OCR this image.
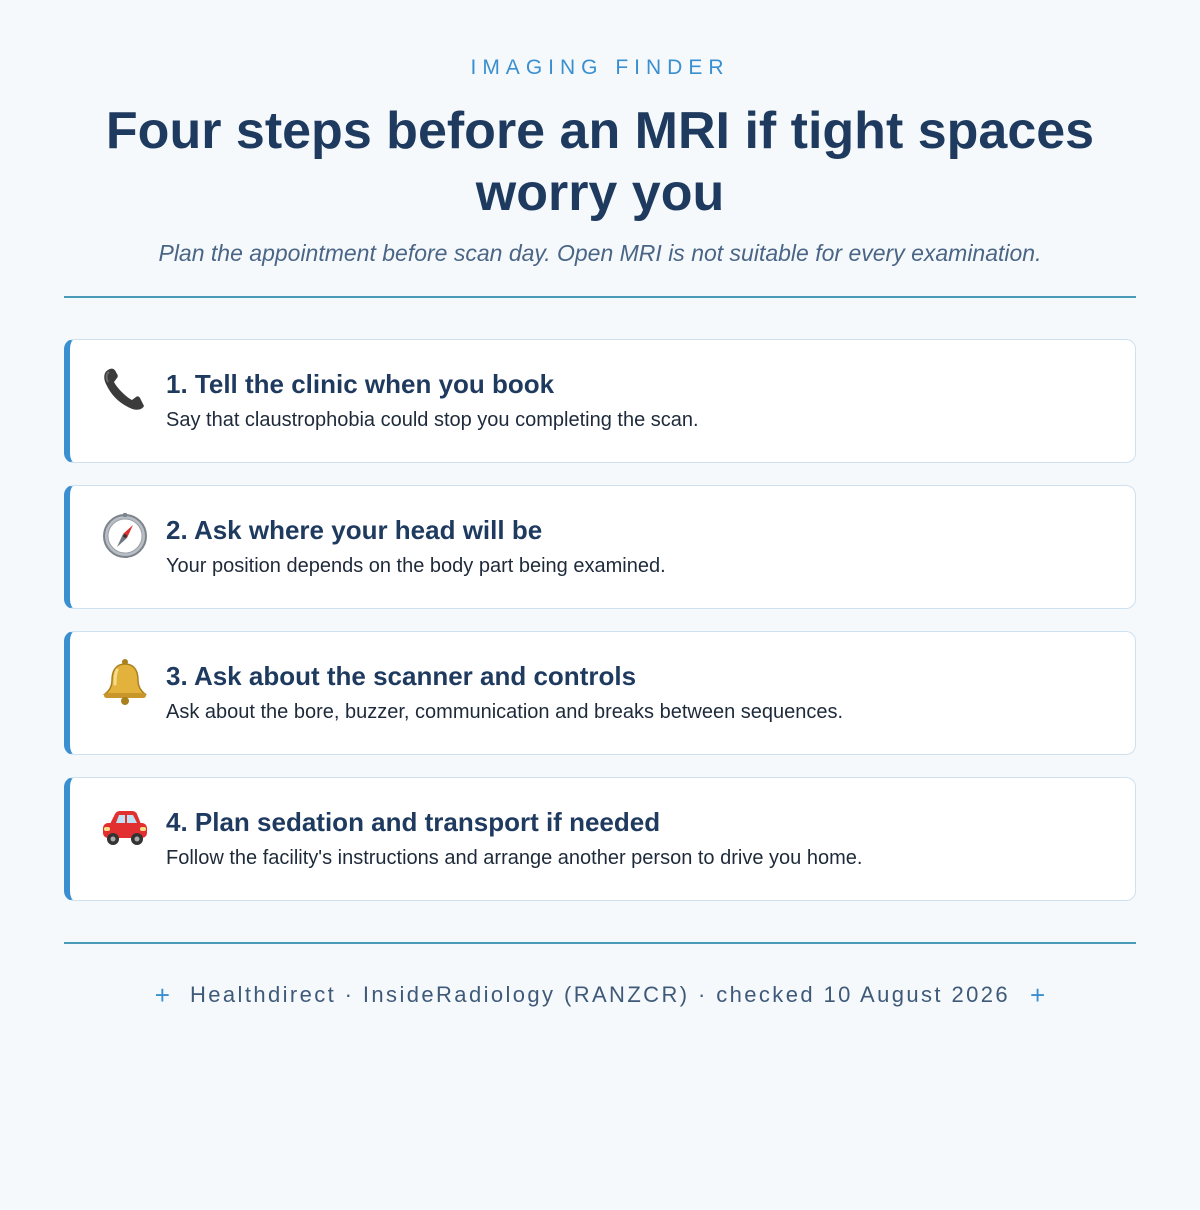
IMAGING FINDER

Four steps before an MRI if tight spaces worry you

Plan the appointment before scan day. Open MRI is not suitable for every examination.

1. Tell the clinic when you book

Say that claustrophobia could stop you completing the scan.

2. Ask where your head will be

Your position depends on the body part being examined.

3. Ask about the scanner and controls

Ask about the bore, buzzer, communication and breaks between sequences.

4. Plan sedation and transport if needed

Follow the facility's instructions and arrange another person to drive you home.

+ Healthdirect · InsideRadiology (RANZCR) · checked 10 August 2026 +
